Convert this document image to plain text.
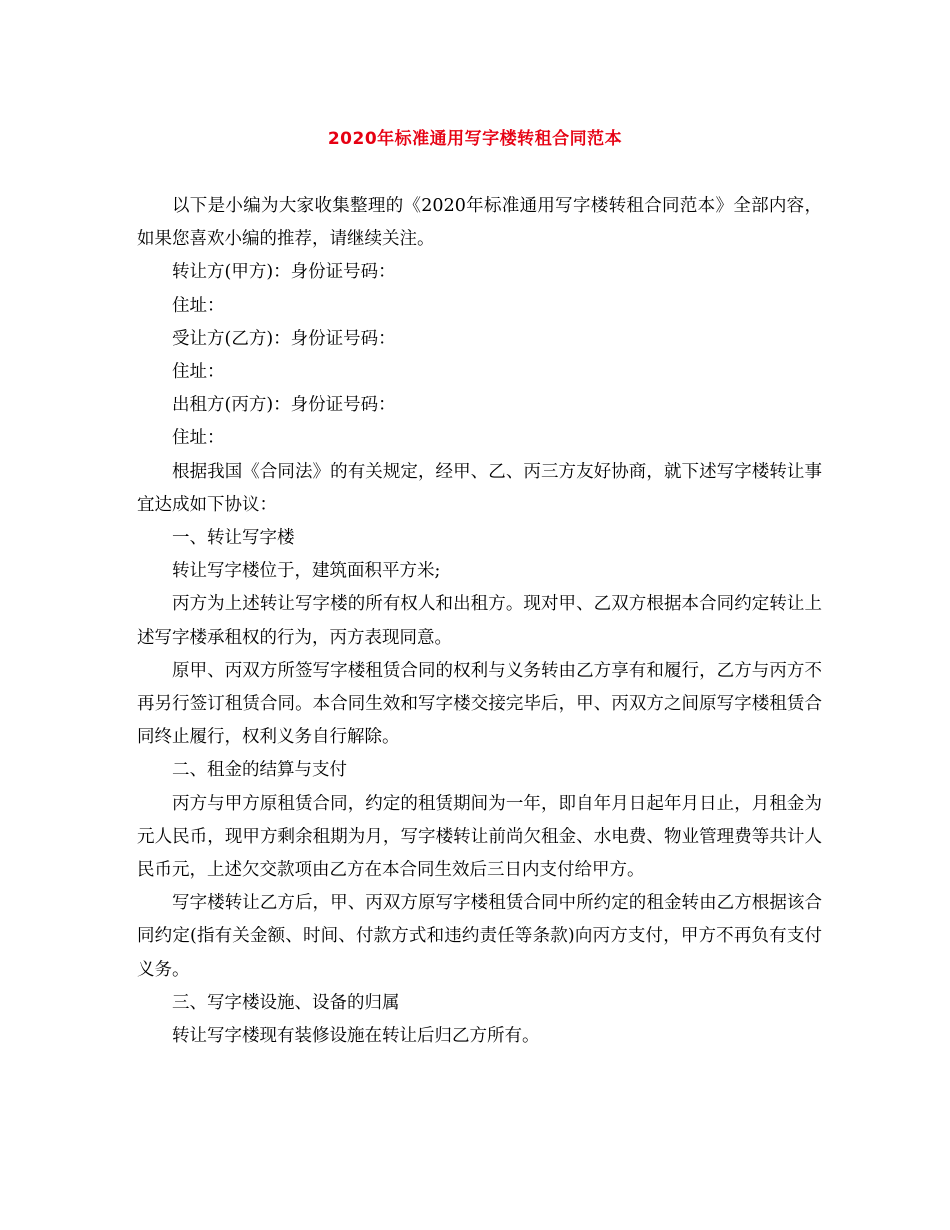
2020年标准通用写字楼转租合同范本

以下是小编为大家收集整理的《2020年标准通用写字楼转租合同范本》全部内容，如果您喜欢小编的推荐，请继续关注。

转让方(甲方)：身份证号码：

住址：

受让方(乙方)：身份证号码：

住址：

出租方(丙方)：身份证号码：

住址：

根据我国《合同法》的有关规定，经甲、乙、丙三方友好协商，就下述写字楼转让事宜达成如下协议：

一、转让写字楼

转让写字楼位于，建筑面积平方米;

丙方为上述转让写字楼的所有权人和出租方。现对甲、乙双方根据本合同约定转让上述写字楼承租权的行为，丙方表现同意。

原甲、丙双方所签写字楼租赁合同的权利与义务转由乙方享有和履行，乙方与丙方不再另行签订租赁合同。本合同生效和写字楼交接完毕后，甲、丙双方之间原写字楼租赁合同终止履行，权利义务自行解除。

二、租金的结算与支付

丙方与甲方原租赁合同，约定的租赁期间为一年，即自年月日起年月日止，月租金为元人民币，现甲方剩余租期为月，写字楼转让前尚欠租金、水电费、物业管理费等共计人民币元，上述欠交款项由乙方在本合同生效后三日内支付给甲方。

写字楼转让乙方后，甲、丙双方原写字楼租赁合同中所约定的租金转由乙方根据该合同约定(指有关金额、时间、付款方式和违约责任等条款)向丙方支付，甲方不再负有支付义务。

三、写字楼设施、设备的归属

转让写字楼现有装修设施在转让后归乙方所有。
